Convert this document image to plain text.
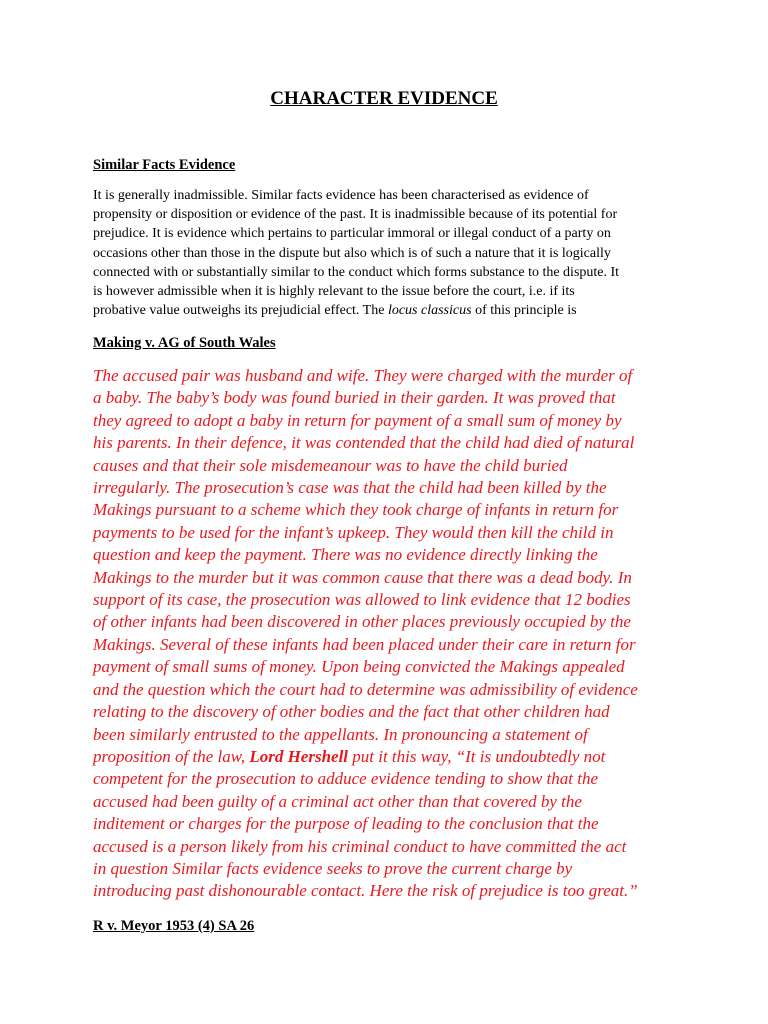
CHARACTER EVIDENCE
Similar Facts Evidence

It is generally inadmissible. Similar facts evidence has been characterised as evidence of
propensity or disposition or evidence of the past. It is inadmissible because of its potential for
prejudice. It is evidence which pertains to particular immoral or illegal conduct of a party on
occasions other than those in the dispute but also which is of such a nature that it is logically
connected with or substantially similar to the conduct which forms substance to the dispute. It
is however admissible when it is highly relevant to the issue before the court, i.e. if its
probative value outweighs its prejudicial effect. The locus classicus of this principle is

Making v. AG of South Wales

The accused pair was husband and wife. They were charged with the murder of
a baby. The baby’s body was found buried in their garden. It was proved that
they agreed to adopt a baby in return for payment of a small sum of money by
his parents. In their defence, it was contended that the child had died of natural
causes and that their sole misdemeanour was to have the child buried
irregularly. The prosecution’s case was that the child had been killed by the
Makings pursuant to a scheme which they took charge of infants in return for
payments to be used for the infant’s upkeep. They would then kill the child in
question and keep the payment. There was no evidence directly linking the
Makings to the murder but it was common cause that there was a dead body. In
support of its case, the prosecution was allowed to link evidence that 12 bodies
of other infants had been discovered in other places previously occupied by the
Makings. Several of these infants had been placed under their care in return for
payment of small sums of money. Upon being convicted the Makings appealed
and the question which the court had to determine was admissibility of evidence
relating to the discovery of other bodies and the fact that other children had
been similarly entrusted to the appellants. In pronouncing a statement of
proposition of the law, Lord Hershell put it this way, “It is undoubtedly not
competent for the prosecution to adduce evidence tending to show that the
accused had been guilty of a criminal act other than that covered by the
inditement or charges for the purpose of leading to the conclusion that the
accused is a person likely from his criminal conduct to have committed the act
in question Similar facts evidence seeks to prove the current charge by
introducing past dishonourable contact. Here the risk of prejudice is too great.”

R v. Meyor 1953 (4) SA 26
